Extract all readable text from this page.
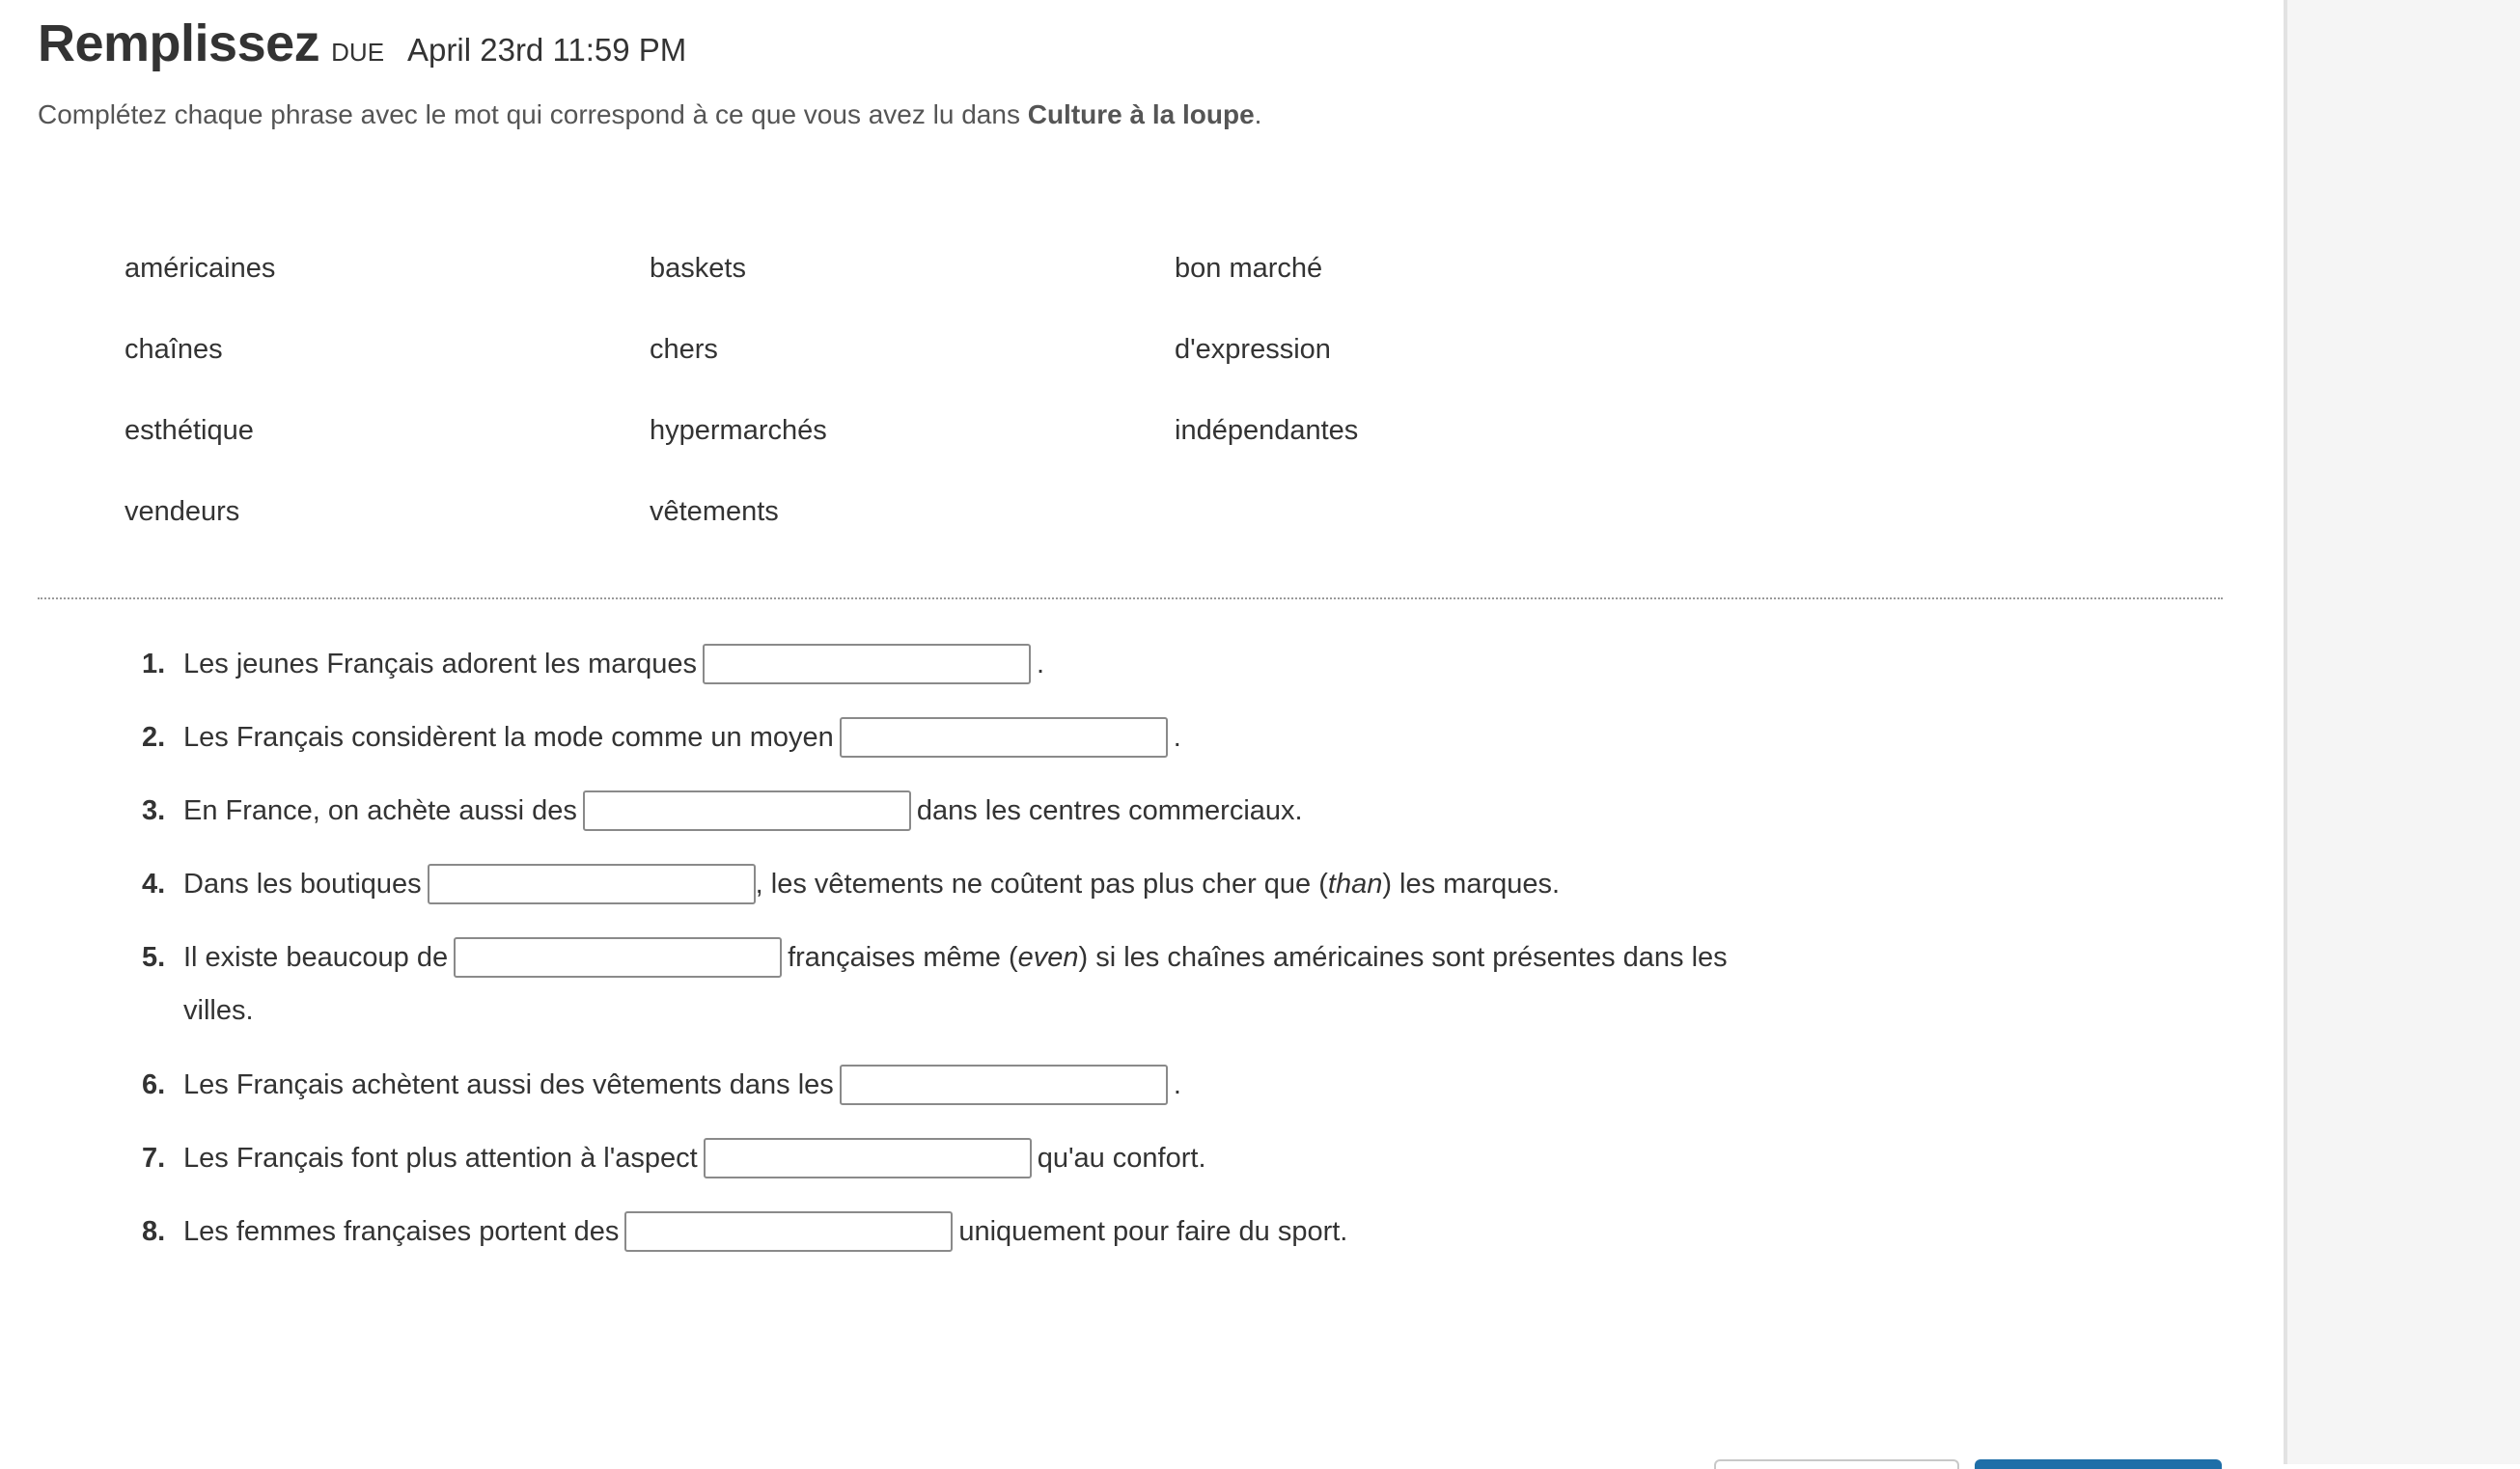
Remplissez DUE April 23rd 11:59 PM
Complétez chaque phrase avec le mot qui correspond à ce que vous avez lu dans Culture à la loupe.
américaines	baskets	bon marché
chaînes	chers	d'expression
esthétique	hypermarchés	indépendantes
vendeurs	vêtements
1. Les jeunes Français adorent les marques	.
2. Les Français considèrent la mode comme un moyen	.
3. En France, on achète aussi des	dans les centres commerciaux.
4. Dans les boutiques	, les vêtements ne coûtent pas plus cher que ( than ) les marques.
5. Il existe beaucoup de	françaises même ( even ) si les chaînes américaines sont présentes dans les
villes.
6. Les Français achètent aussi des vêtements dans les	.
7. Les Français font plus attention à l'aspect	qu'au confort.
8. Les femmes françaises portent des	uniquement pour faire du sport.
